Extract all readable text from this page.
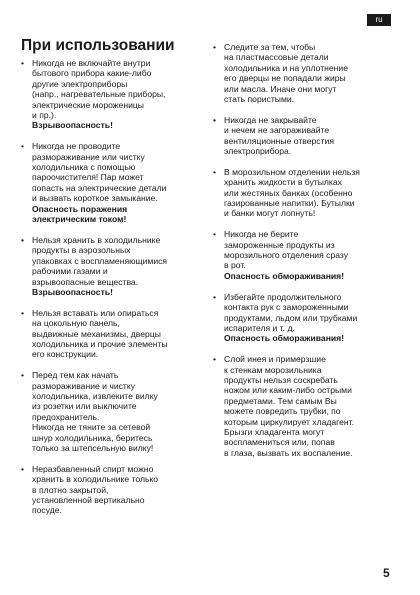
ru
При использовании
• Никогда не включайте внутри
бытового прибора какие-либо
другие электроприборы
(напр., нагревательные приборы,
электрические мороженицы
и пр.).
Взрывоопасность!
• Никогда не проводите
размораживание или чистку
холодильника с помощью
пароочистителя! Пар может
попасть на электрические детали
и вызвать короткое замыкание.
Опасность поражения
электрическим током!
• Нельзя хранить в холодильнике
продукты в аэрозольных
упаковках с воспламеняющимися
рабочими газами и
взрывоопасные вещества.
Взрывоопасность!
• Нельзя вставать или опираться
на цокольную панель,
выдвижные механизмы, дверцы
холодильника и прочие элементы
его конструкции.
• Перед тем как начать
размораживание и чистку
холодильника, извлеките вилку
из розетки или выключите
предохранитель.
Никогда не тяните за сетевой
шнур холодильника, беритесь
только за штепсельную вилку!
• Неразбавленный спирт можно
хранить в холодильнике только
в плотно закрытой,
установленной вертикально
посуде.
• Следите за тем, чтобы
на пластмассовые детали
холодильника и на уплотнение
его дверцы не попадали жиры
или масла. Иначе они могут
стать пористыми.
• Никогда не закрывайте
и нечем не загораживайте
вентиляционные отверстия
электроприбора.
• В морозильном отделении нельзя
хранить жидкости в бутылках
или жестяных банках (особенно
газированные напитки). Бутылки
и банки могут лопнуть!
• Никогда не берите
замороженные продукты из
морозильного отделения сразу
в рот.
Опасность обмораживания!
• Избегайте продолжительного
контакта рук с замороженными
продуктами, льдом или трубками
испарителя и т. д.
Опасность обмораживания!
• Слой инея и примерзшие
к стенкам морозильника
продукты нельзя соскребать
ножом или каким-либо острыми
предметами. Тем самым Вы
можете повредить трубки, по
которым циркулирует хладагент.
Брызги хладагента могут
воспламениться или, попав
в глаза, вызвать их воспаление.
5
